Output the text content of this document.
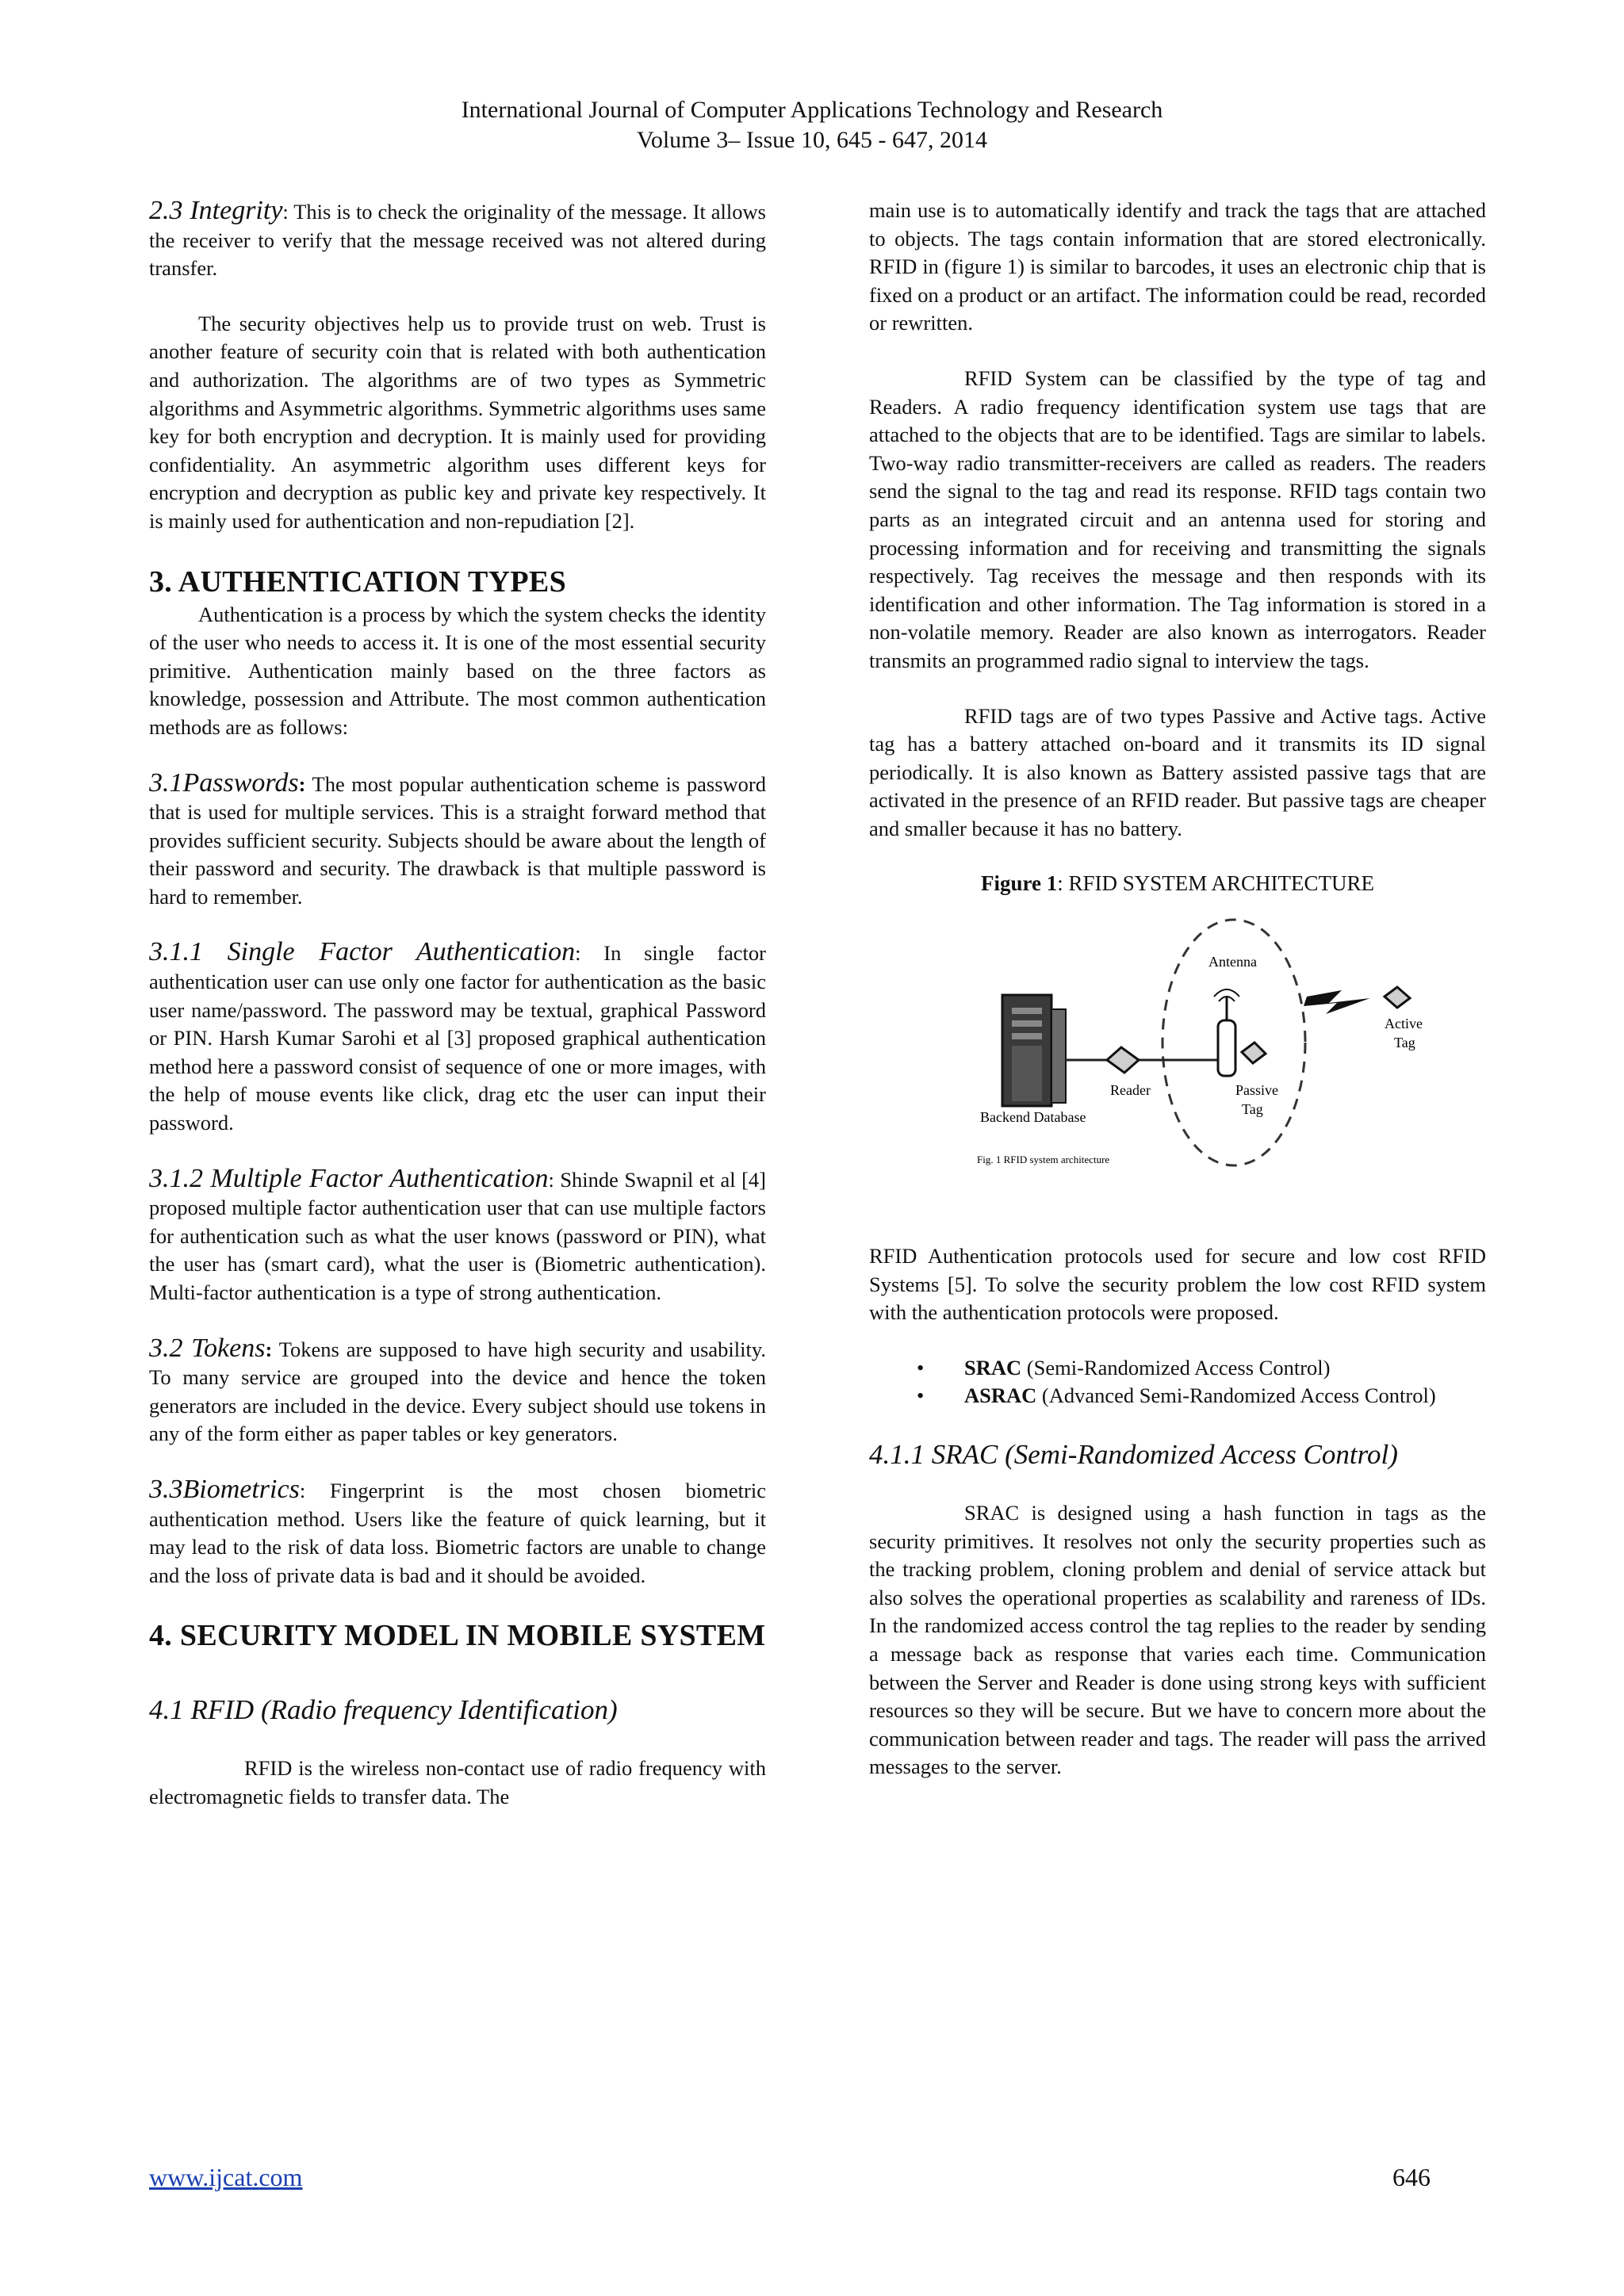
International Journal of Computer Applications Technology and Research
Volume 3– Issue 10, 645 - 647, 2014

2.3 Integrity: This is to check the originality of the message. It allows the receiver to verify that the message received was not altered during transfer.

The security objectives help us to provide trust on web. Trust is another feature of security coin that is related with both authentication and authorization. The algorithms are of two types as Symmetric algorithms and Asymmetric algorithms. Symmetric algorithms uses same key for both encryption and decryption. It is mainly used for providing confidentiality. An asymmetric algorithm uses different keys for encryption and decryption as public key and private key respectively. It is mainly used for authentication and non-repudiation [2].

3. AUTHENTICATION TYPES

Authentication is a process by which the system checks the identity of the user who needs to access it. It is one of the most essential security primitive. Authentication mainly based on the three factors as knowledge, possession and Attribute. The most common authentication methods are as follows:

3.1Passwords: The most popular authentication scheme is password that is used for multiple services. This is a straight forward method that provides sufficient security. Subjects should be aware about the length of their password and security. The drawback is that multiple password is hard to remember.

3.1.1 Single Factor Authentication: In single factor authentication user can use only one factor for authentication as the basic user name/password. The password may be textual, graphical Password or PIN. Harsh Kumar Sarohi et al [3] proposed graphical authentication method here a password consist of sequence of one or more images, with the help of mouse events like click, drag etc the user can input their password.

3.1.2 Multiple Factor Authentication: Shinde Swapnil et al [4] proposed multiple factor authentication user that can use multiple factors for authentication such as what the user knows (password or PIN), what the user has (smart card), what the user is (Biometric authentication). Multi-factor authentication is a type of strong authentication.

3.2 Tokens: Tokens are supposed to have high security and usability. To many service are grouped into the device and hence the token generators are included in the device. Every subject should use tokens in any of the form either as paper tables or key generators.

3.3Biometrics: Fingerprint is the most chosen biometric authentication method. Users like the feature of quick learning, but it may lead to the risk of data loss. Biometric factors are unable to change and the loss of private data is bad and it should be avoided.

4. SECURITY MODEL IN MOBILE SYSTEM
4.1 RFID (Radio frequency Identification)

RFID is the wireless non-contact use of radio frequency with electromagnetic fields to transfer data. The

main use is to automatically identify and track the tags that are attached to objects. The tags contain information that are stored electronically. RFID in (figure 1) is similar to barcodes, it uses an electronic chip that is fixed on a product or an artifact. The information could be read, recorded or rewritten.

RFID System can be classified by the type of tag and Readers. A radio frequency identification system use tags that are attached to the objects that are to be identified. Tags are similar to labels. Two-way radio transmitter-receivers are called as readers. The readers send the signal to the tag and read its response. RFID tags contain two parts as an integrated circuit and an antenna used for storing and processing information and for receiving and transmitting the signals respectively. Tag receives the message and then responds with its identification and other information. The Tag information is stored in a non-volatile memory. Reader are also known as interrogators. Reader transmits an programmed radio signal to interview the tags.

RFID tags are of two types Passive and Active tags. Active tag has a battery attached on-board and it transmits its ID signal periodically. It is also known as Battery assisted passive tags that are activated in the presence of an RFID reader. But passive tags are cheaper and smaller because it has no battery.

Figure 1: RFID SYSTEM ARCHITECTURE

Antenna
Active
Tag
Reader	Passive
Tag
Backend Database
Fig. 1 RFID system architecture

RFID Authentication protocols used for secure and low cost RFID Systems [5]. To solve the security problem the low cost RFID system with the authentication protocols were proposed.

• SRAC (Semi-Randomized Access Control)
• ASRAC (Advanced Semi-Randomized Access Control)
4.1.1 SRAC (Semi-Randomized Access Control)

SRAC is designed using a hash function in tags as the security primitives. It resolves not only the security properties such as the tracking problem, cloning problem and denial of service attack but also solves the operational properties as scalability and rareness of IDs. In the randomized access control the tag replies to the reader by sending a message back as response that varies each time. Communication between the Server and Reader is done using strong keys with sufficient resources so they will be secure. But we have to concern more about the communication between reader and tags. The reader will pass the arrived messages to the server.

www.ijcat.com	646
